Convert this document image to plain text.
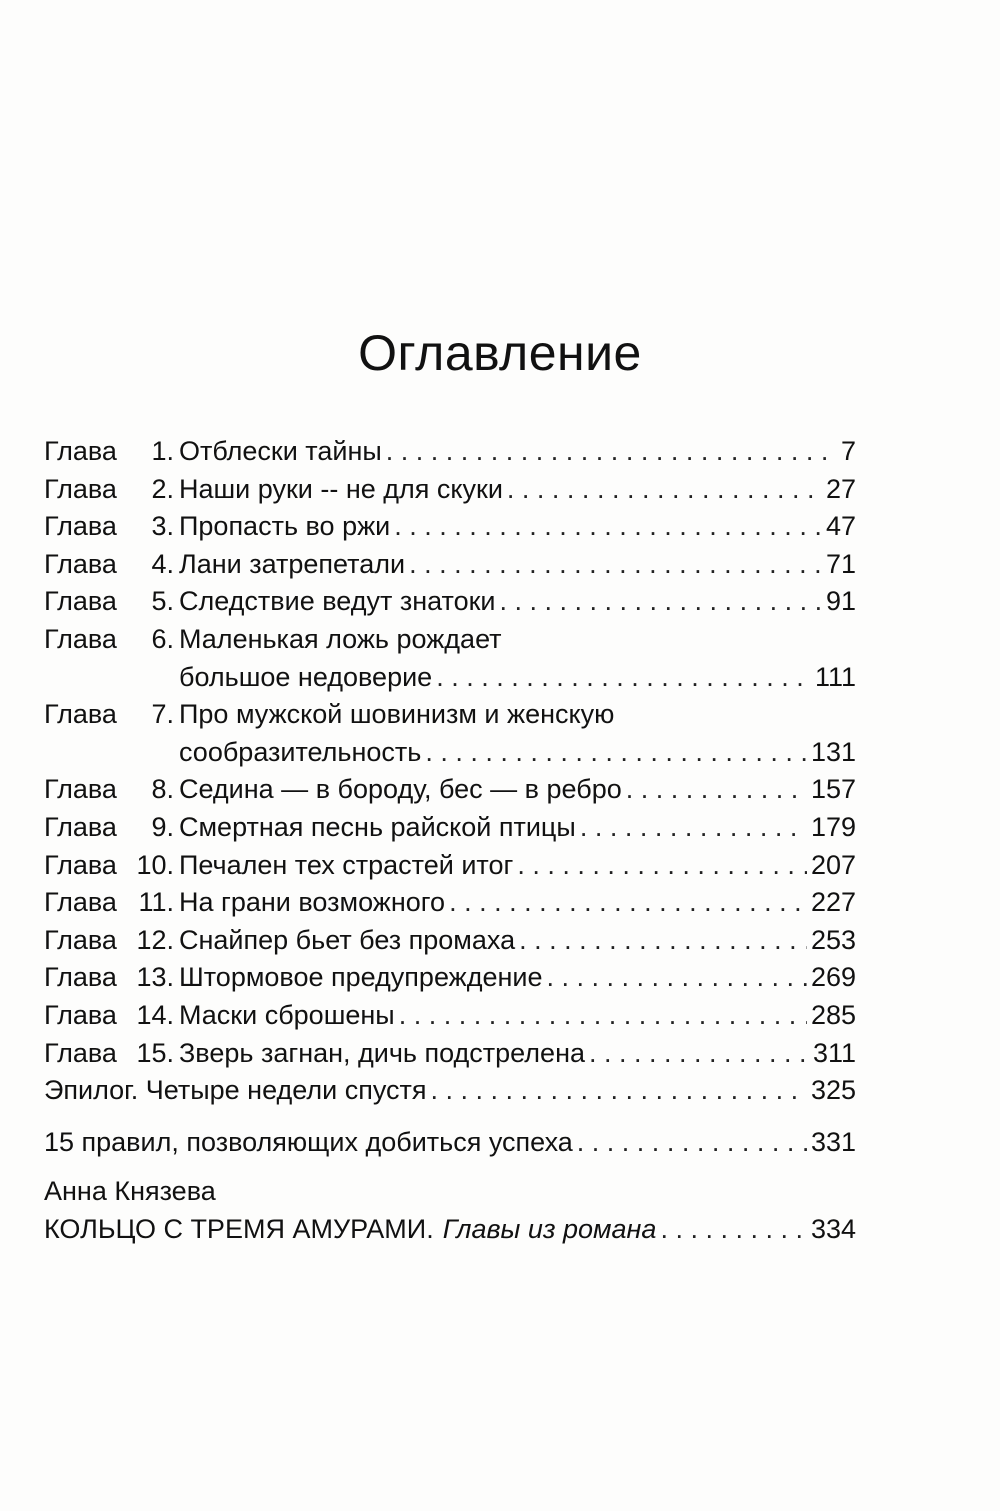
Оглавление
Глава	1. Отблески тайны . . .	7
Глава	2. Наши руки -- не для скуки . . .	27
Глава	3. Пропасть во ржи . . .	47
Глава	4. Лани затрепетали . . .	71
Глава	5. Следствие ведут знатоки . . .	91
Глава	6. Маленькая ложь рождает
большое недоверие . . .	111
Глава	7. Про мужской шовинизм и женскую
сообразительность . . .	131
Глава	8. Седина — в бороду, бес — в ребро . . .	157
Глава	9. Смертная песнь райской птицы . . .	179
Глава 10. Печален тех страстей итог . . .	207
Глава 11. На грани возможного . . .	227
Глава 12. Снайпер бьет без промаха . . .	253
Глава 13. Штормовое предупреждение . . .	269
Глава 14. Маски сброшены . . .	285
Глава 15. Зверь загнан, дичь подстрелена . . .	311
Эпилог. Четыре недели спустя . . .	325
15 правил, позволяющих добиться успеха . . .	331
Анна Князева
КОЛЬЦО С ТРЕМЯ АМУРАМИ. Главы из романа . . .	334
